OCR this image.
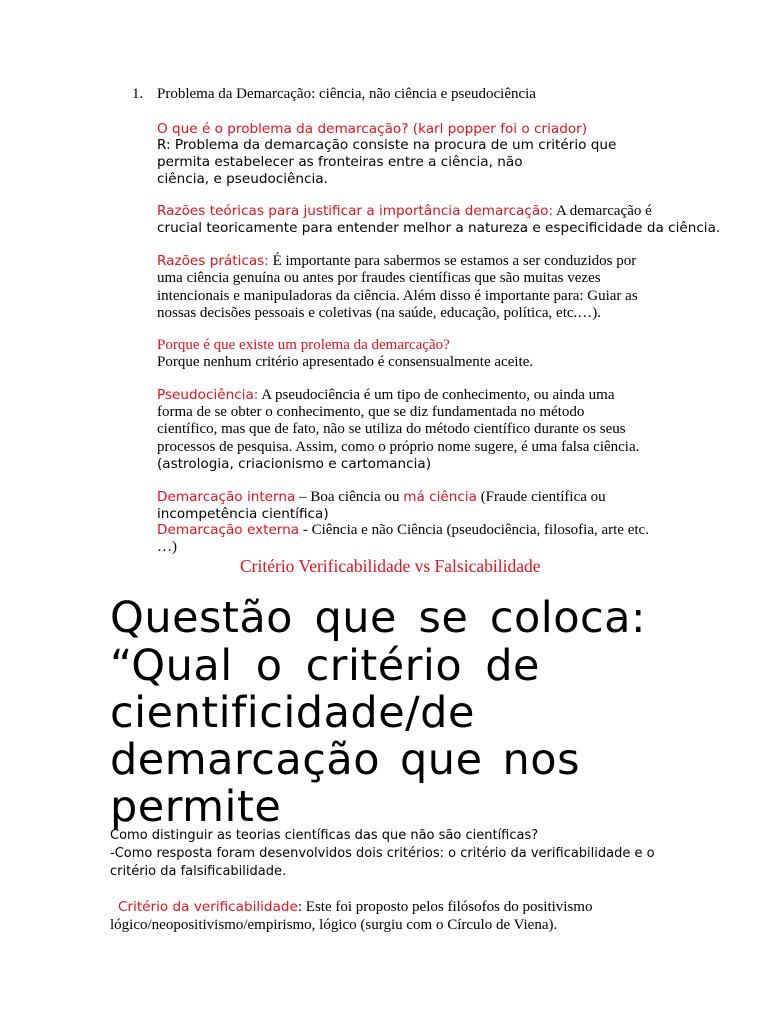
1. Problema da Demarcação: ciência, não ciência e pseudociência
O que é o problema da demarcação? (karl popper foi o criador)
R: Problema da demarcação consiste na procura de um critério que
permita estabelecer as fronteiras entre a ciência, não
ciência, e pseudociência.
Razões teóricas para justificar a importância demarcação: A demarcação é
crucial teoricamente para entender melhor a natureza e especificidade da ciência.
Razões práticas: É importante para sabermos se estamos a ser conduzidos por
uma ciência genuína ou antes por fraudes científicas que são muitas vezes
intencionais e manipuladoras da ciência. Além disso é importante para: Guiar as
nossas decisões pessoais e coletivas (na saúde, educação, política, etc.…).
Porque é que existe um prolema da demarcação?
Porque nenhum critério apresentado é consensualmente aceite.
Pseudociência: A pseudociência é um tipo de conhecimento, ou ainda uma
forma de se obter o conhecimento, que se diz fundamentada no método
científico, mas que de fato, não se utiliza do método científico durante os seus
processos de pesquisa. Assim, como o próprio nome sugere, é uma falsa ciência.
(astrologia, criacionismo e cartomancia)
Demarcação interna – Boa ciência ou má ciência (Fraude científica ou
incompetência científica)
Demarcação externa - Ciência e não Ciência (pseudociência, filosofia, arte etc.
…)
Critério Verificabilidade vs Falsicabilidade
Questão que se coloca:
“Qual o critério de
cientificidade/de
demarcação que nos
permite
Como distinguir as teorias científicas das que não são científicas?
-Como resposta foram desenvolvidos dois critérios: o critério da verificabilidade e o
critério da falsificabilidade.
Critério da verificabilidade: Este foi proposto pelos filósofos do positivismo
lógico/neopositivismo/empirismo, lógico (surgiu com o Círculo de Viena).
